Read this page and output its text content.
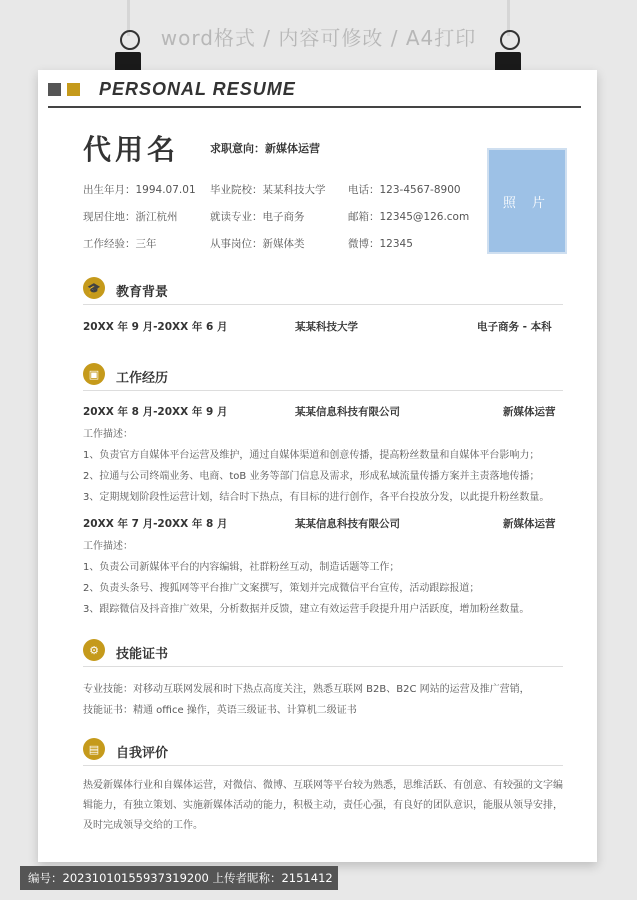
word格式 / 内容可修改 / A4打印
PERSONAL RESUME
代用名	求职意向：新媒体运营
出生年月：1994.07.01 毕业院校：某某科技大学 电话：123-4567-8900
现居住地：浙江杭州	就读专业：电子商务	邮箱：12345@126.com
工作经验：三年	从事岗位：新媒体类	微博：12345
照 片
🎓	教育背景
20XX 年 9 月-20XX 年 6 月	某某科技大学	电子商务 - 本科
▣	工作经历
20XX 年 8 月-20XX 年 9 月	某某信息科技有限公司	新媒体运营
工作描述：
1、负责官方自媒体平台运营及维护，通过自媒体渠道和创意传播，提高粉丝数量和自媒体平台影响力；
2、拉通与公司终端业务、电商、toB 业务等部门信息及需求，形成私域流量传播方案并主责落地传播；
3、定期规划阶段性运营计划，结合时下热点，有目标的进行创作，各平台投放分发，以此提升粉丝数量。
20XX 年 7 月-20XX 年 8 月	某某信息科技有限公司	新媒体运营
工作描述：
1、负责公司新媒体平台的内容编辑，社群粉丝互动，制造话题等工作；
2、负责头条号、搜狐网等平台推广文案撰写，策划并完成微信平台宣传，活动跟踪报道；
3、跟踪微信及抖音推广效果，分析数据并反馈，建立有效运营手段提升用户活跃度，增加粉丝数量。
⚙	技能证书
专业技能：对移动互联网发展和时下热点高度关注，熟悉互联网 B2B、B2C 网站的运营及推广营销，
技能证书：精通 office 操作，英语三级证书、计算机二级证书
▤	自我评价
热爱新媒体行业和自媒体运营，对微信、微博、互联网等平台较为熟悉，思维活跃、有创意、有较强的文字编辑能力，有独立策划、实施新媒体活动的能力，积极主动，责任心强，有良好的团队意识，能服从领导安排，及时完成领导交给的工作。
编号：20231010155937319200 上传者昵称：2151412
